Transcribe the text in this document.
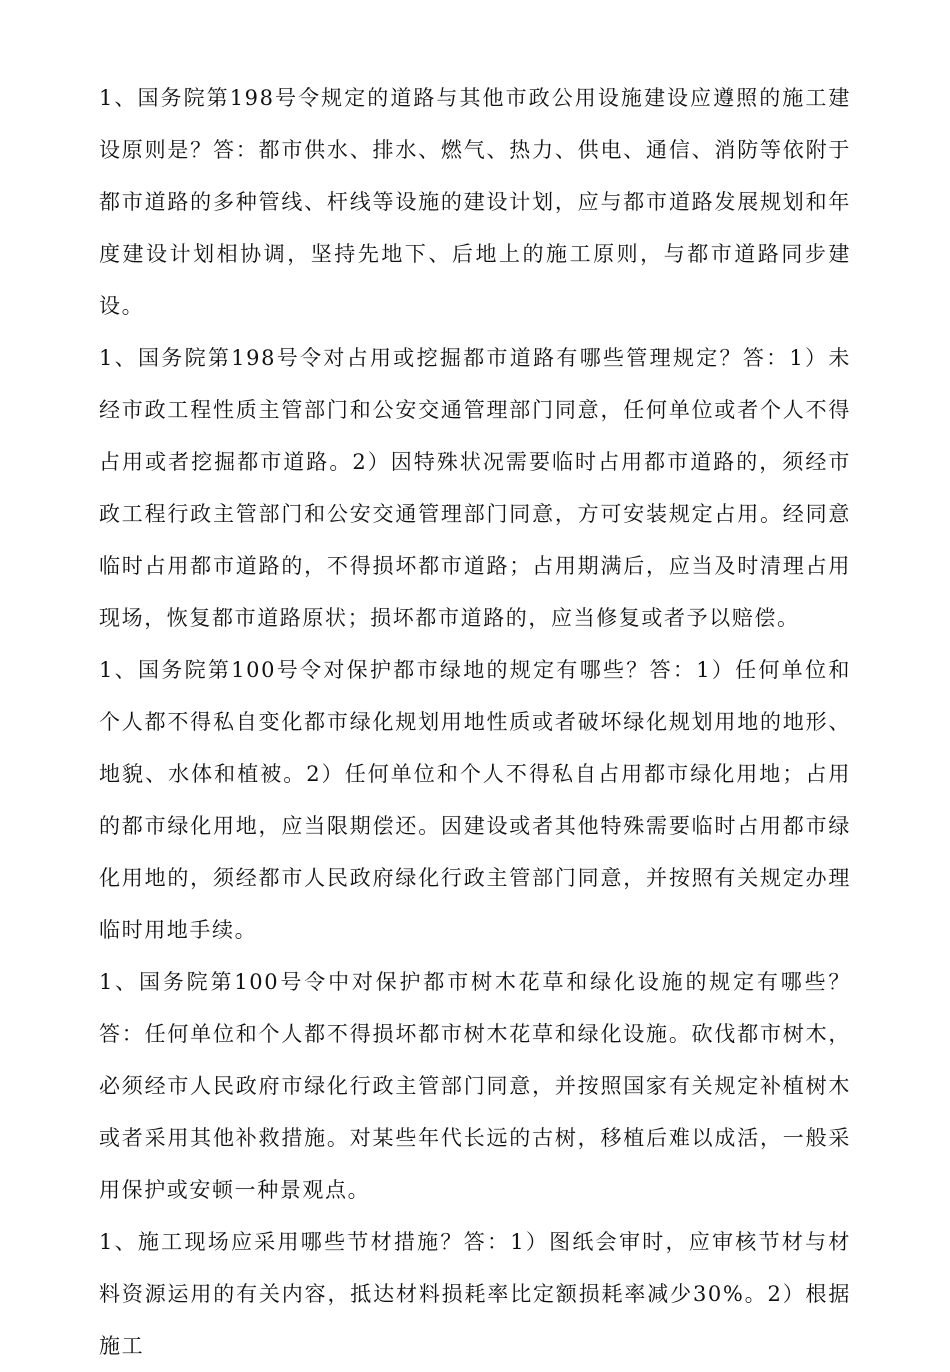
1、国务院第198号令规定的道路与其他市政公用设施建设应遵照的施工建设原则是？答：都市供水、排水、燃气、热力、供电、通信、消防等依附于都市道路的多种管线、杆线等设施的建设计划，应与都市道路发展规划和年度建设计划相协调，坚持先地下、后地上的施工原则，与都市道路同步建设。

1、国务院第198号令对占用或挖掘都市道路有哪些管理规定？答：1）未经市政工程性质主管部门和公安交通管理部门同意，任何单位或者个人不得占用或者挖掘都市道路。2）因特殊状况需要临时占用都市道路的，须经市政工程行政主管部门和公安交通管理部门同意，方可安装规定占用。经同意临时占用都市道路的，不得损坏都市道路；占用期满后，应当及时清理占用现场，恢复都市道路原状；损坏都市道路的，应当修复或者予以赔偿。

1、国务院第100号令对保护都市绿地的规定有哪些？答：1）任何单位和个人都不得私自变化都市绿化规划用地性质或者破坏绿化规划用地的地形、地貌、水体和植被。2）任何单位和个人不得私自占用都市绿化用地；占用的都市绿化用地，应当限期偿还。因建设或者其他特殊需要临时占用都市绿化用地的，须经都市人民政府绿化行政主管部门同意，并按照有关规定办理临时用地手续。

1、国务院第100号令中对保护都市树木花草和绿化设施的规定有哪些？答：任何单位和个人都不得损坏都市树木花草和绿化设施。砍伐都市树木，必须经市人民政府市绿化行政主管部门同意，并按照国家有关规定补植树木或者采用其他补救措施。对某些年代长远的古树，移植后难以成活，一般采用保护或安顿一种景观点。

1、施工现场应采用哪些节材措施？答：1）图纸会审时，应审核节材与材料资源运用的有关内容，抵达材料损耗率比定额损耗率减少30%。2）根据施工
